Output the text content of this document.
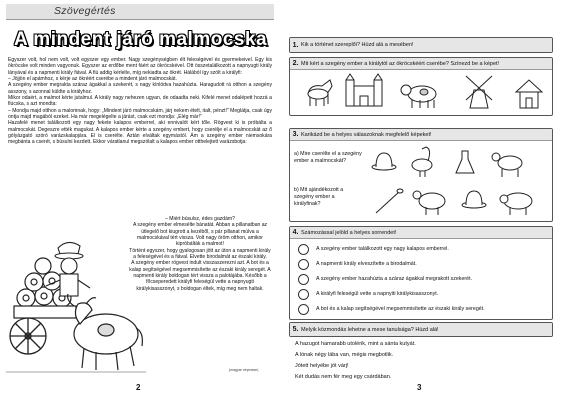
Szövegértés
A mindent járó malmocska

Egyszer volt, hol nem volt, volt egyszer egy ember. Nagy szegénységben élt feleségével és gyermekeivel. Egy kis ökröcske volt minden vagyonuk. Egyszer az erdőbe ment fáért az ökröcskével. Ott összetalálkozott a napnyugti király lányával és a napmenti király fiával. A fiú addig kérlelte, míg nekiadta az ökrét. Hálából így szólt a királyfi:

– Jöjjön el apámhoz, s kérje az ökréért cserébe a mindent járó malmocskát.

A szegény ember megrakta száraz ágakkal a szekerét, s nagy kínlódva hazahúzta. Haragudott rá otthon a szegény asszony, s azonnal küldte a királyhoz.

Mikor odaért, a malmot kérte jutalmul. A király nagy nehezen ugyan, de odaadta neki. Kifelé menet odalépett hozzá a fiúcska, s azt mondta:

– Mondja majd otthon a malomnak, hogy: „Mindent járó malmocskám, járj nekem ételt, italt, pénzt!" Meglátja, csak úgy ontja majd magából ezeket. Ha már megelégelte a járást, csak ezt mondja: „Elég már!"

Hazafelé menet találkozott egy nagy fekete kalapos emberrel, aki ennivalót kért tőle. Rögvest ki is próbálta a malmocskát. Degeszre ették magukat. A kalapos ember kérte a szegény embert, hogy cserélje el a malmocskát az ő gólyázgató szóró varázskalapjára. El is cserélte. Aztán elváltak egymástól. Ám a szegény ember niemsokára megbánta a cserét, s búsulni kezdett. Ekkor váratlanul megszólalt a kalapos ember otthelejtett varázsbotja:

– Miért búsulsz, édes gazdám?

A szegény ember elmesélte bánatát. Abban a pillanatban az ütlegelő bot kiugrott a kezéből, s pár pillanat múlva a malmocskával tért vissza. Volt nagy öröm otthon, amikor kipróbálták a malmot!

Történt egyszer, hogy gyalogosan jött az úton a napmenti király a feleségével és a fiával. Elvette birodalmát az északi király.

A szegény ember rögvest indult visszaszerezni azt. A bot és a kalap segítségével megsemmisítette az északi király seregét. A napmenti király boldogan tért vissza a palotájába. Később a főcseperedett királyfi feleségül vette a napnyugti királykisasszonyt, s boldogan éltek, míg meg nem haltak.

(magyar népmese)
2
1. Kik a történet szereplői? Húzd alá a mesében!
2. Mit kért a szegény ember a királytól az ökröcskéért cserébe? Színezd be a képet!
3. Karikázd be a helyes válaszoknak megfelelő képeket!
a) Mire cserélte el a szegény ember a malmocskát?
b) Mit ajándékozott a szegény ember a királyfinak?
4. Számozással jelöld a helyes sorrendet!
A szegény ember találkozott egy nagy kalapos emberrel.
A napmenti király elveszítette a birodalmát.
A szegény ember hazahúzta a száraz ágakkal megrakott szekerét.
A királyfi feleségül vette a napnyiti királykisasszonyt.
A bot és a kalap segítségével megsemmisítette az északi király seregét.
5. Melyik közmondás lehetne a mese tanulsága? Húzd alá!
A hazugot hamarabb utolérik, mint a sánta kutyát.
A lónak négy lába van, mégis megbotlik.
Jótett helyébe jót várj!
Két dudás nem fér meg egy csárdában.
3
